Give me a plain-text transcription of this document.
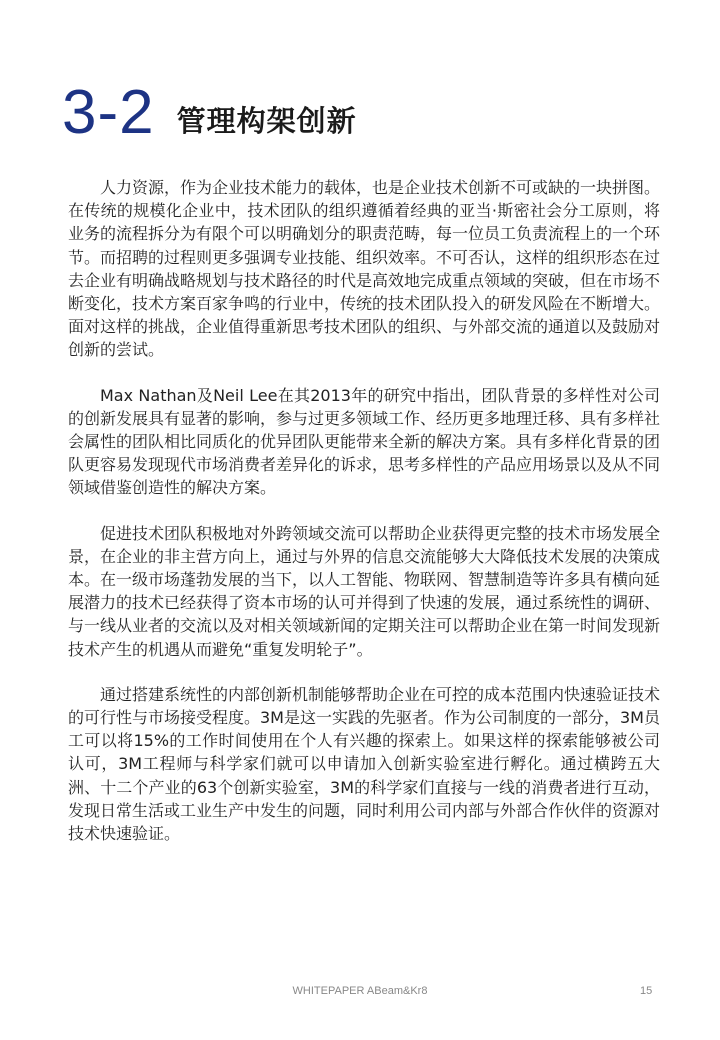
3-2 管理构架创新

人力资源，作为企业技术能力的载体，也是企业技术创新不可或缺的一块拼图。在传统的规模化企业中，技术团队的组织遵循着经典的亚当·斯密社会分工原则，将业务的流程拆分为有限个可以明确划分的职责范畴，每一位员工负责流程上的一个环节。而招聘的过程则更多强调专业技能、组织效率。不可否认，这样的组织形态在过去企业有明确战略规划与技术路径的时代是高效地完成重点领域的突破，但在市场不断变化，技术方案百家争鸣的行业中，传统的技术团队投入的研发风险在不断增大。面对这样的挑战，企业值得重新思考技术团队的组织、与外部交流的通道以及鼓励对创新的尝试。

Max Nathan及Neil Lee在其2013年的研究中指出，团队背景的多样性对公司的创新发展具有显著的影响，参与过更多领域工作、经历更多地理迁移、具有多样社会属性的团队相比同质化的优异团队更能带来全新的解决方案。具有多样化背景的团队更容易发现现代市场消费者差异化的诉求，思考多样性的产品应用场景以及从不同领域借鉴创造性的解决方案。

促进技术团队积极地对外跨领域交流可以帮助企业获得更完整的技术市场发展全景，在企业的非主营方向上，通过与外界的信息交流能够大大降低技术发展的决策成本。在一级市场蓬勃发展的当下，以人工智能、物联网、智慧制造等许多具有横向延展潜力的技术已经获得了资本市场的认可并得到了快速的发展，通过系统性的调研、与一线从业者的交流以及对相关领域新闻的定期关注可以帮助企业在第一时间发现新技术产生的机遇从而避免“重复发明轮子”。

通过搭建系统性的内部创新机制能够帮助企业在可控的成本范围内快速验证技术的可行性与市场接受程度。3M是这一实践的先驱者。作为公司制度的一部分，3M员工可以将15%的工作时间使用在个人有兴趣的探索上。如果这样的探索能够被公司认可，3M工程师与科学家们就可以申请加入创新实验室进行孵化。通过横跨五大洲、十二个产业的63个创新实验室，3M的科学家们直接与一线的消费者进行互动，发现日常生活或工业生产中发生的问题，同时利用公司内部与外部合作伙伴的资源对技术快速验证。

WHITEPAPER ABeam&Kr8	15
